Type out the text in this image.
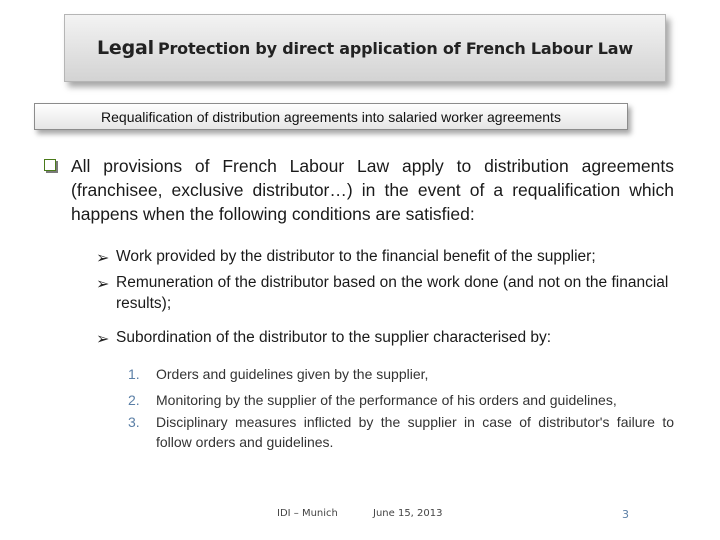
Legal Protection by direct application of French Labour Law
Requalification of distribution agreements into salaried worker agreements
All provisions of French Labour Law apply to distribution agreements (franchisee, exclusive distributor…) in the event of a requalification which happens when the following conditions are satisfied:
➢ Work provided by the distributor to the financial benefit of the supplier;
➢ Remuneration of the distributor based on the work done (and not on the financial results);
➢ Subordination of the distributor to the supplier characterised by:
1. Orders and guidelines given by the supplier,
2. Monitoring by the supplier of the performance of his orders and guidelines,
3. Disciplinary measures inflicted by the supplier in case of distributor's failure to follow orders and guidelines.
IDI – Munich	June 15, 2013	3
